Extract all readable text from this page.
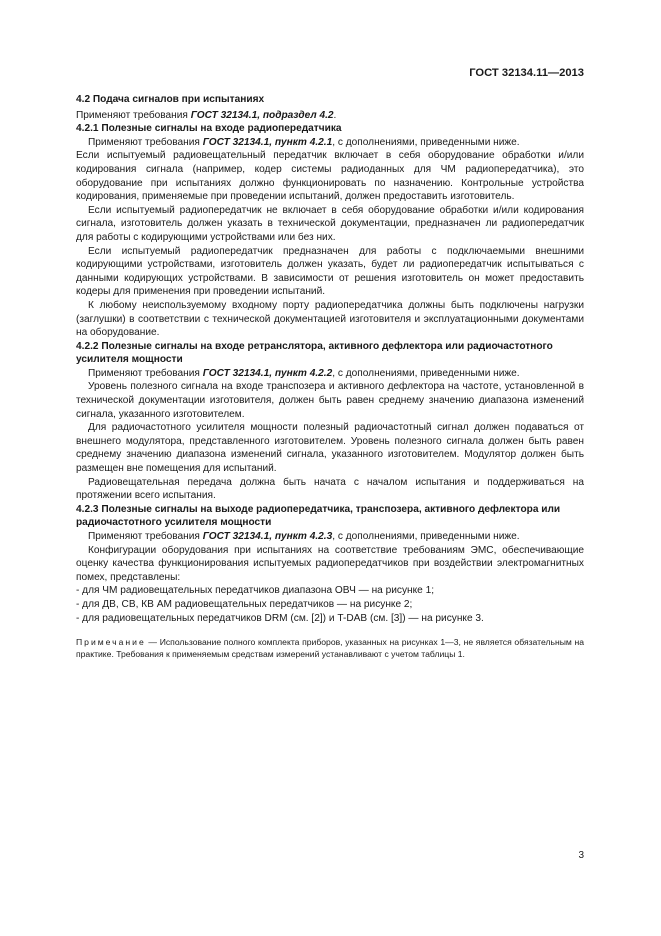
ГОСТ 32134.11—2013

4.2 Подача сигналов при испытаниях

Применяют требования ГОСТ 32134.1, подраздел 4.2.

4.2.1 Полезные сигналы на входе радиопередатчика

Применяют требования ГОСТ 32134.1, пункт 4.2.1, с дополнениями, приведенными ниже.

Если испытуемый радиовещательный передатчик включает в себя оборудование обработки и/или кодирования сигнала (например, кодер системы радиоданных для ЧМ радиопередатчика), это оборудование при испытаниях должно функционировать по назначению. Контрольные устройства кодирования, применяемые при проведении испытаний, должен предоставить изготовитель.

Если испытуемый радиопередатчик не включает в себя оборудование обработки и/или кодирования сигнала, изготовитель должен указать в технической документации, предназначен ли радиопередатчик для работы с кодирующими устройствами или без них.

Если испытуемый радиопередатчик предназначен для работы с подключаемыми внешними кодирующими устройствами, изготовитель должен указать, будет ли радиопередатчик испытываться с данными кодирующих устройствами. В зависимости от решения изготовитель он может предоставить кодеры для применения при проведении испытаний.

К любому неиспользуемому входному порту радиопередатчика должны быть подключены нагрузки (заглушки) в соответствии с технической документацией изготовителя и эксплуатационными документами на оборудование.

4.2.2 Полезные сигналы на входе ретранслятора, активного дефлектора или радиочастотного усилителя мощности

Применяют требования ГОСТ 32134.1, пункт 4.2.2, с дополнениями, приведенными ниже.

Уровень полезного сигнала на входе транспозера и активного дефлектора на частоте, установленной в технической документации изготовителя, должен быть равен среднему значению диапазона изменений сигнала, указанного изготовителем.

Для радиочастотного усилителя мощности полезный радиочастотный сигнал должен подаваться от внешнего модулятора, представленного изготовителем. Уровень полезного сигнала должен быть равен среднему значению диапазона изменений сигнала, указанного изготовителем. Модулятор должен быть размещен вне помещения для испытаний.

Радиовещательная передача должна быть начата с началом испытания и поддерживаться на протяжении всего испытания.

4.2.3 Полезные сигналы на выходе радиопередатчика, транспозера, активного дефлектора или радиочастотного усилителя мощности

Применяют требования ГОСТ 32134.1, пункт 4.2.3, с дополнениями, приведенными ниже.

Конфигурации оборудования при испытаниях на соответствие требованиям ЭМС, обеспечивающие оценку качества функционирования испытуемых радиопередатчиков при воздействии электромагнитных помех, представлены:

- для ЧМ радиовещательных передатчиков диапазона ОВЧ — на рисунке 1;
- для ДВ, СВ, КВ АМ радиовещательных передатчиков — на рисунке 2;
- для радиовещательных передатчиков DRM (см. [2]) и T-DAB (см. [3]) — на рисунке 3.

Примечание — Использование полного комплекта приборов, указанных на рисунках 1—3, не является обязательным на практике. Требования к применяемым средствам измерений устанавливают с учетом таблицы 1.

3
